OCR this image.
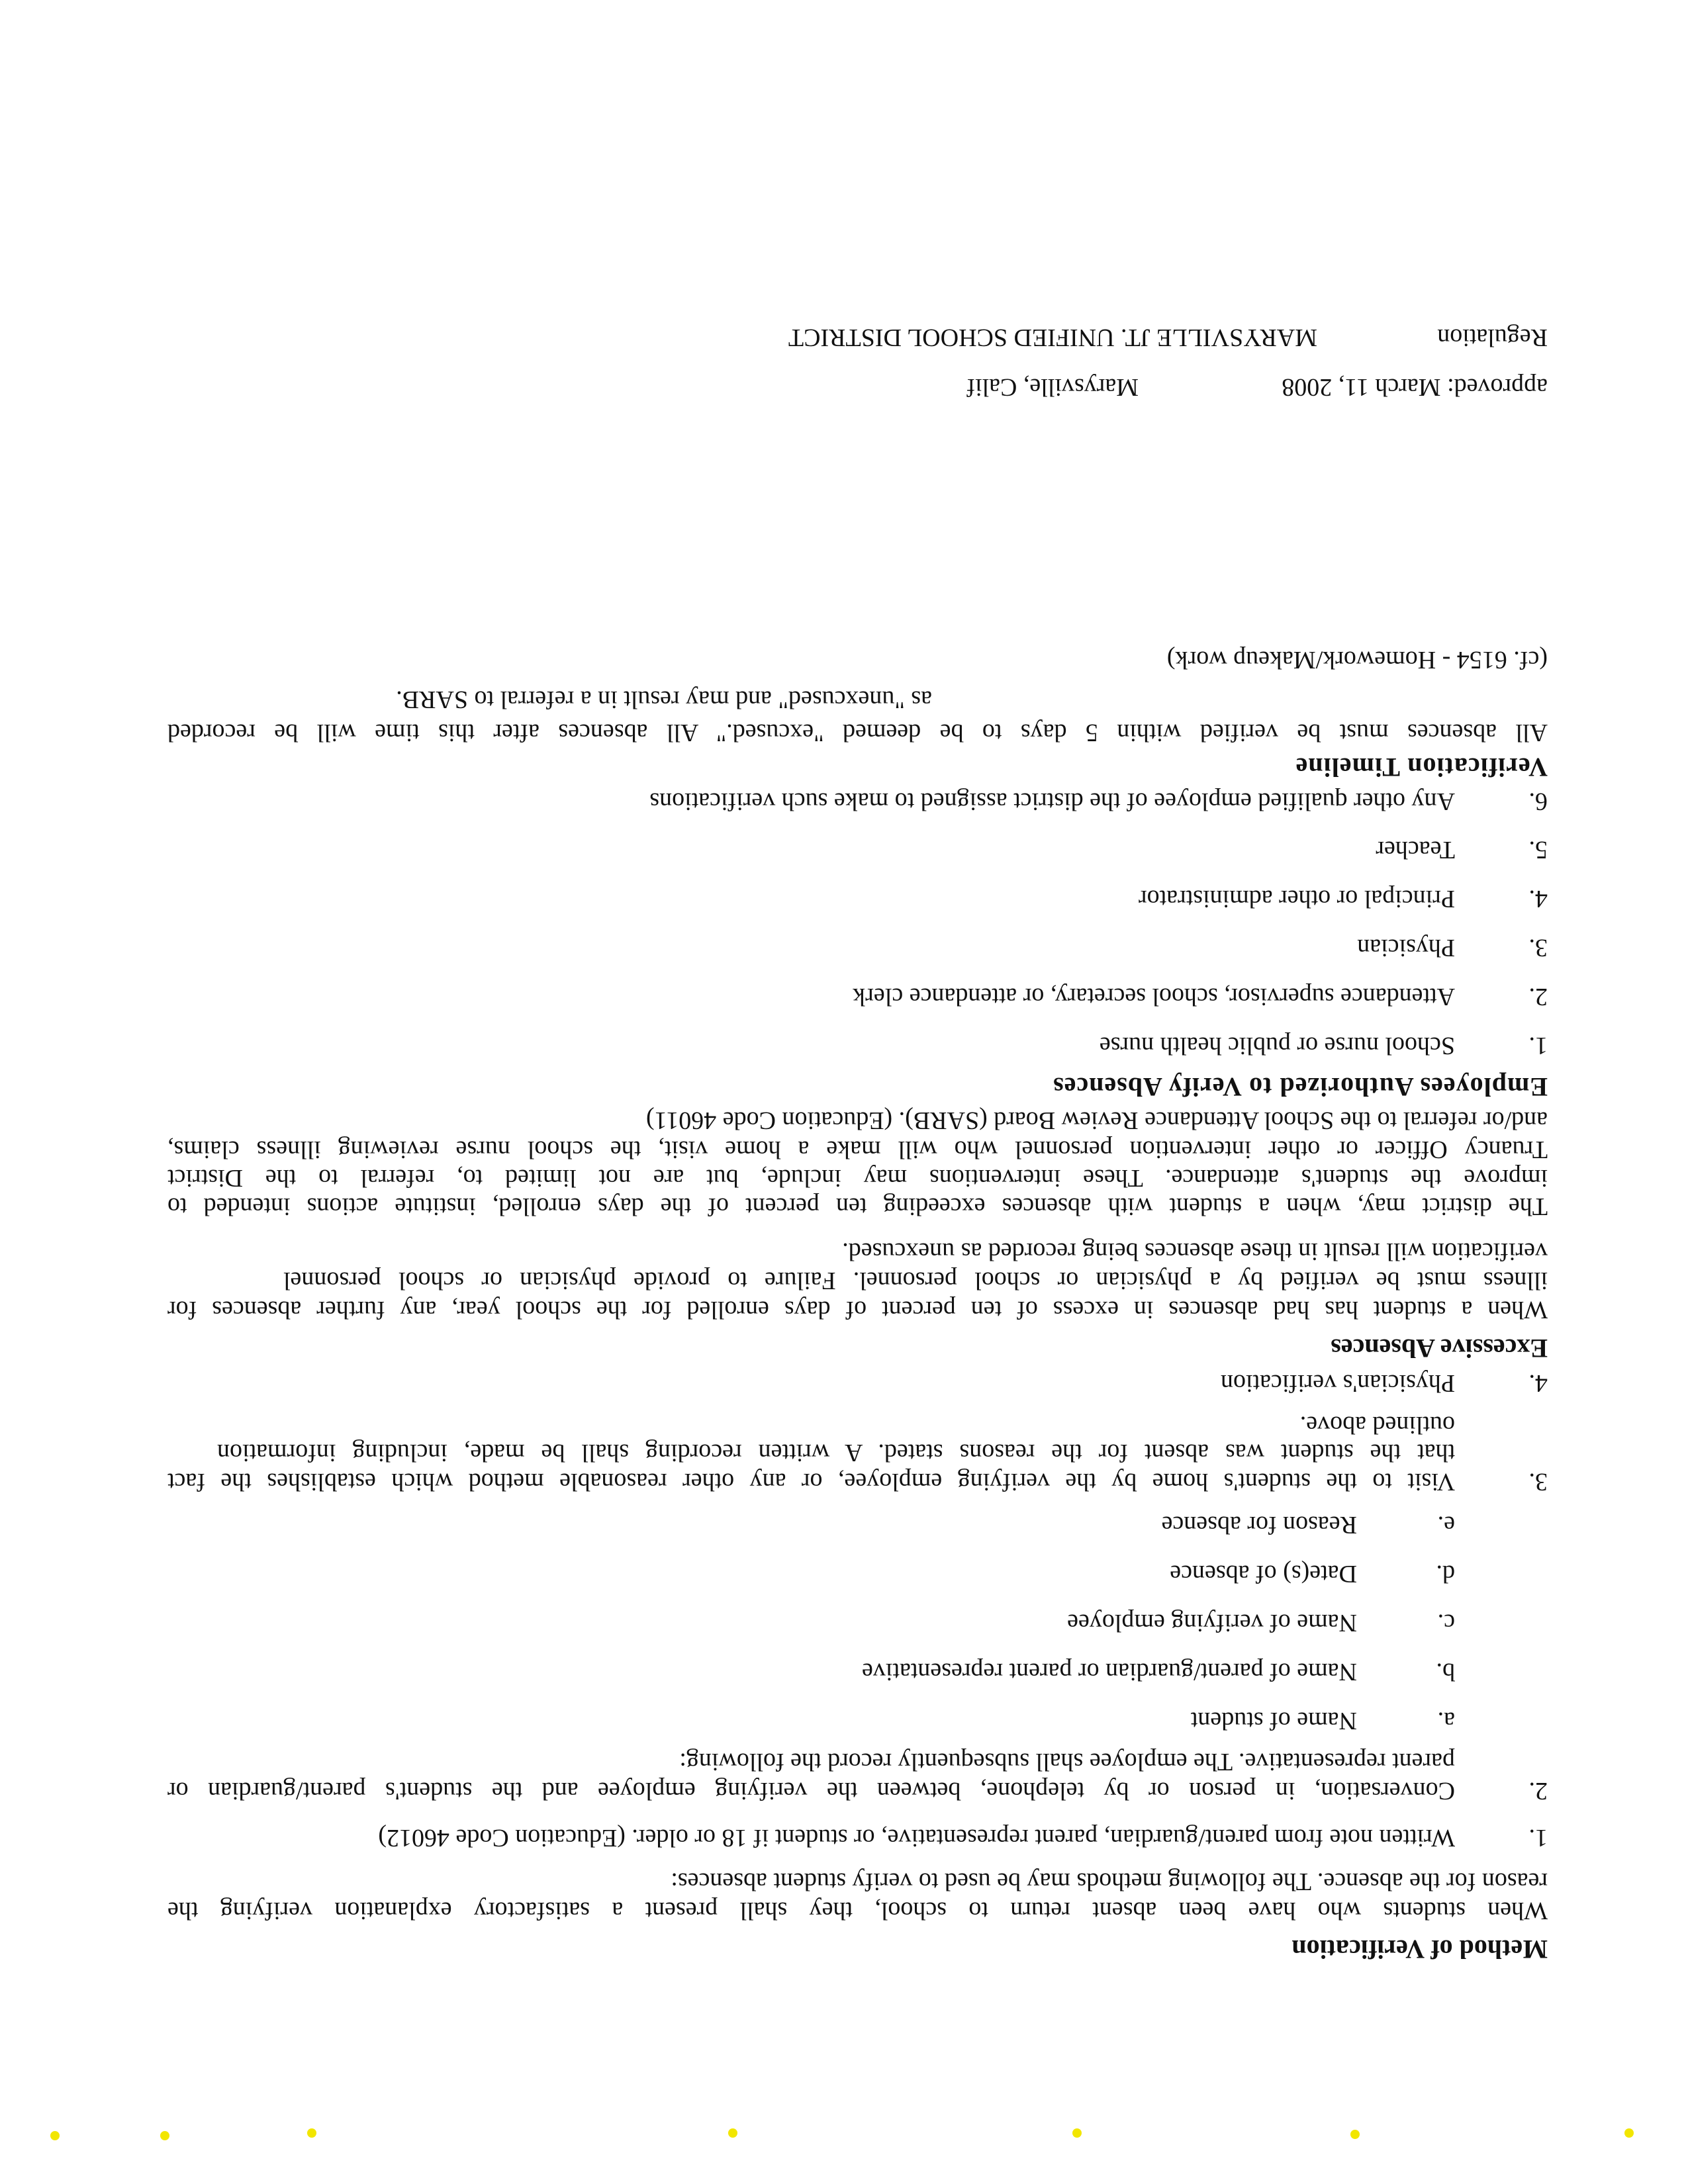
Regulation
MARYSVILLE JT. UNIFIED SCHOOL DISTRICT
approved: March 11, 2008
Marysville, Calif
(cf. 6154 - Homework/Makeup work)
as "unexcused" and may result in a referral to SARB.
All absences must be verified within 5 days to be deemed "excused." All absences after this time will be recorded
Verification Timeline
6.
Any other qualified employee of the district assigned to make such verifications
5.
Teacher
4.
Principal or other administrator
3.
Physician
2.
Attendance supervisor, school secretary, or attendance clerk
1.
School nurse or public health nurse
Employees Authorized to Verify Absences
and/or referral to the School Attendance Review Board (SARB). (Education Code 46011)
Truancy Officer or other intervention personnel who will make a home visit, the school nurse reviewing illness claims,
improve the student's attendance. These interventions may include, but are not limited to, referral to the District
The district may, when a student with absences exceeding ten percent of the days enrolled, institute actions intended to
verification will result in these absences being recorded as unexcused.
illness must be verified by a physician or school personnel. Failure to provide physician or school personnel
When a student has had absences in excess of ten percent of days enrolled for the school year, any further absences for
Excessive Absences
4.
Physician's verification
outlined above.
that the student was absent for the reasons stated. A written recording shall be made, including information
Visit to the student's home by the verifying employee, or any other reasonable method which establishes the fact	3.
e.
Reason for absence
d.
Date(s) of absence
c.
Name of verifying employee
b.
Name of parent/guardian or parent representative
a.
Name of student
parent representative. The employee shall subsequently record the following:
Conversation, in person or by telephone, between the verifying employee and the student's parent/guardian or	2.
1.
Written note from parent/guardian, parent representative, or student if 18 or older. (Education Code 46012)
reason for the absence. The following methods may be used to verify student absences:
When students who have been absent return to school, they shall present a satisfactory explanation verifying the
Method of Verification
